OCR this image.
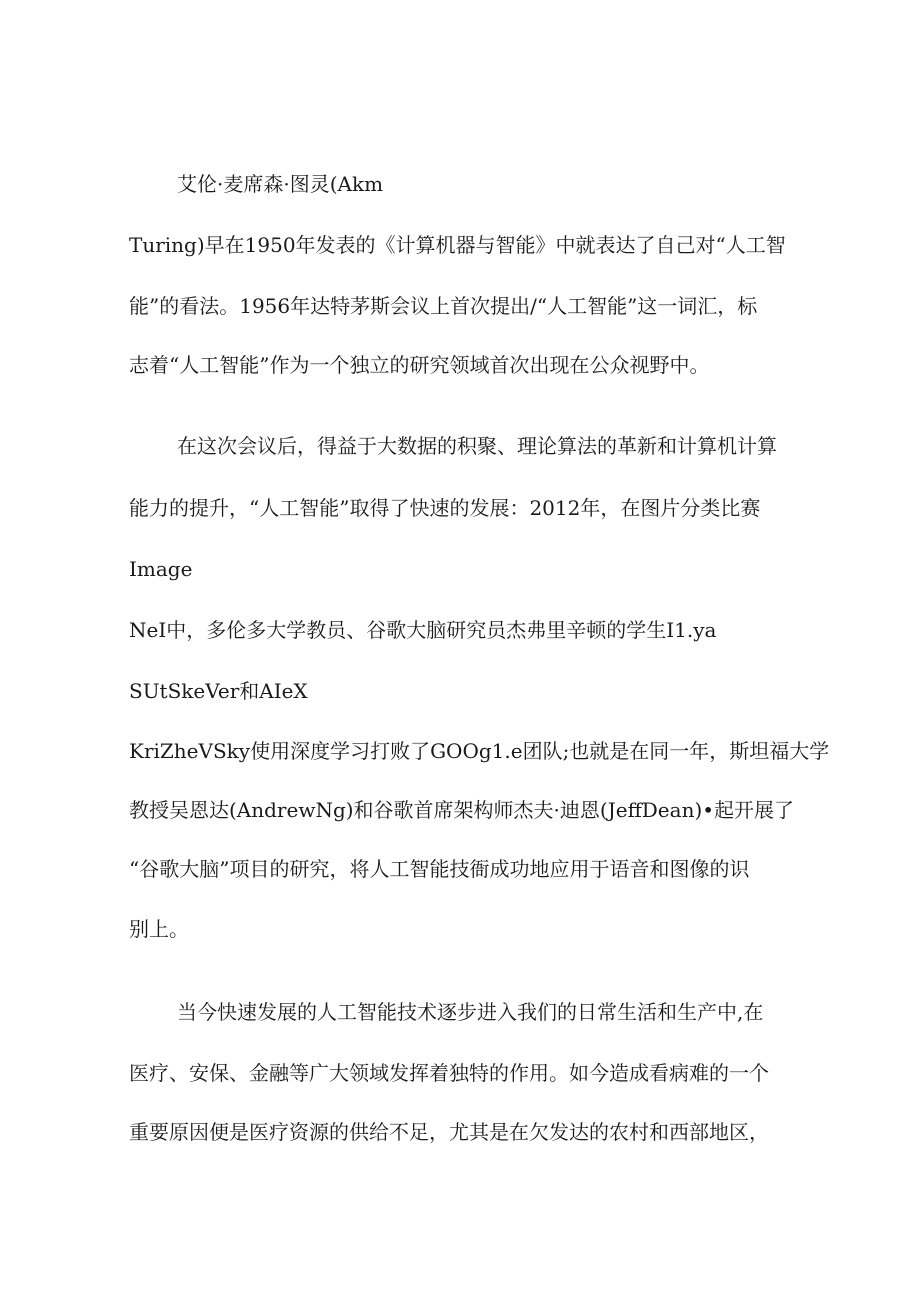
艾伦·麦席森·图灵(Akm
Turing)早在1950年发表的《计算机器与智能》中就表达了自己对“人工智
能”的看法。1956年达特茅斯会议上首次提出/“人工智能”这一词汇，标
志着“人工智能”作为一个独立的研究领域首次出现在公众视野中。
在这次会议后，得益于大数据的积聚、理论算法的革新和计算机计算
能力的提升，“人工智能”取得了快速的发展：2012年，在图片分类比赛
Image
NeI中，多伦多大学教员、谷歌大脑研究员杰弗里辛顿的学生I1.ya
SUtSkeVer和AIeX
KriZheVSky使用深度学习打败了GOOg1.e团队;也就是在同一年，斯坦福大学
教授吴恩达(AndrewNg)和谷歌首席架构师杰夫·迪恩(JeffDean)•起开展了
“谷歌大脑”项目的研究，将人工智能技衙成功地应用于语音和图像的识
别上。
当今快速发展的人工智能技术逐步进入我们的日常生活和生产中,在
医疗、安保、金融等广大领域发挥着独特的作用。如今造成看病难的一个
重要原因便是医疗资源的供给不足，尤其是在欠发达的农村和西部地区，
